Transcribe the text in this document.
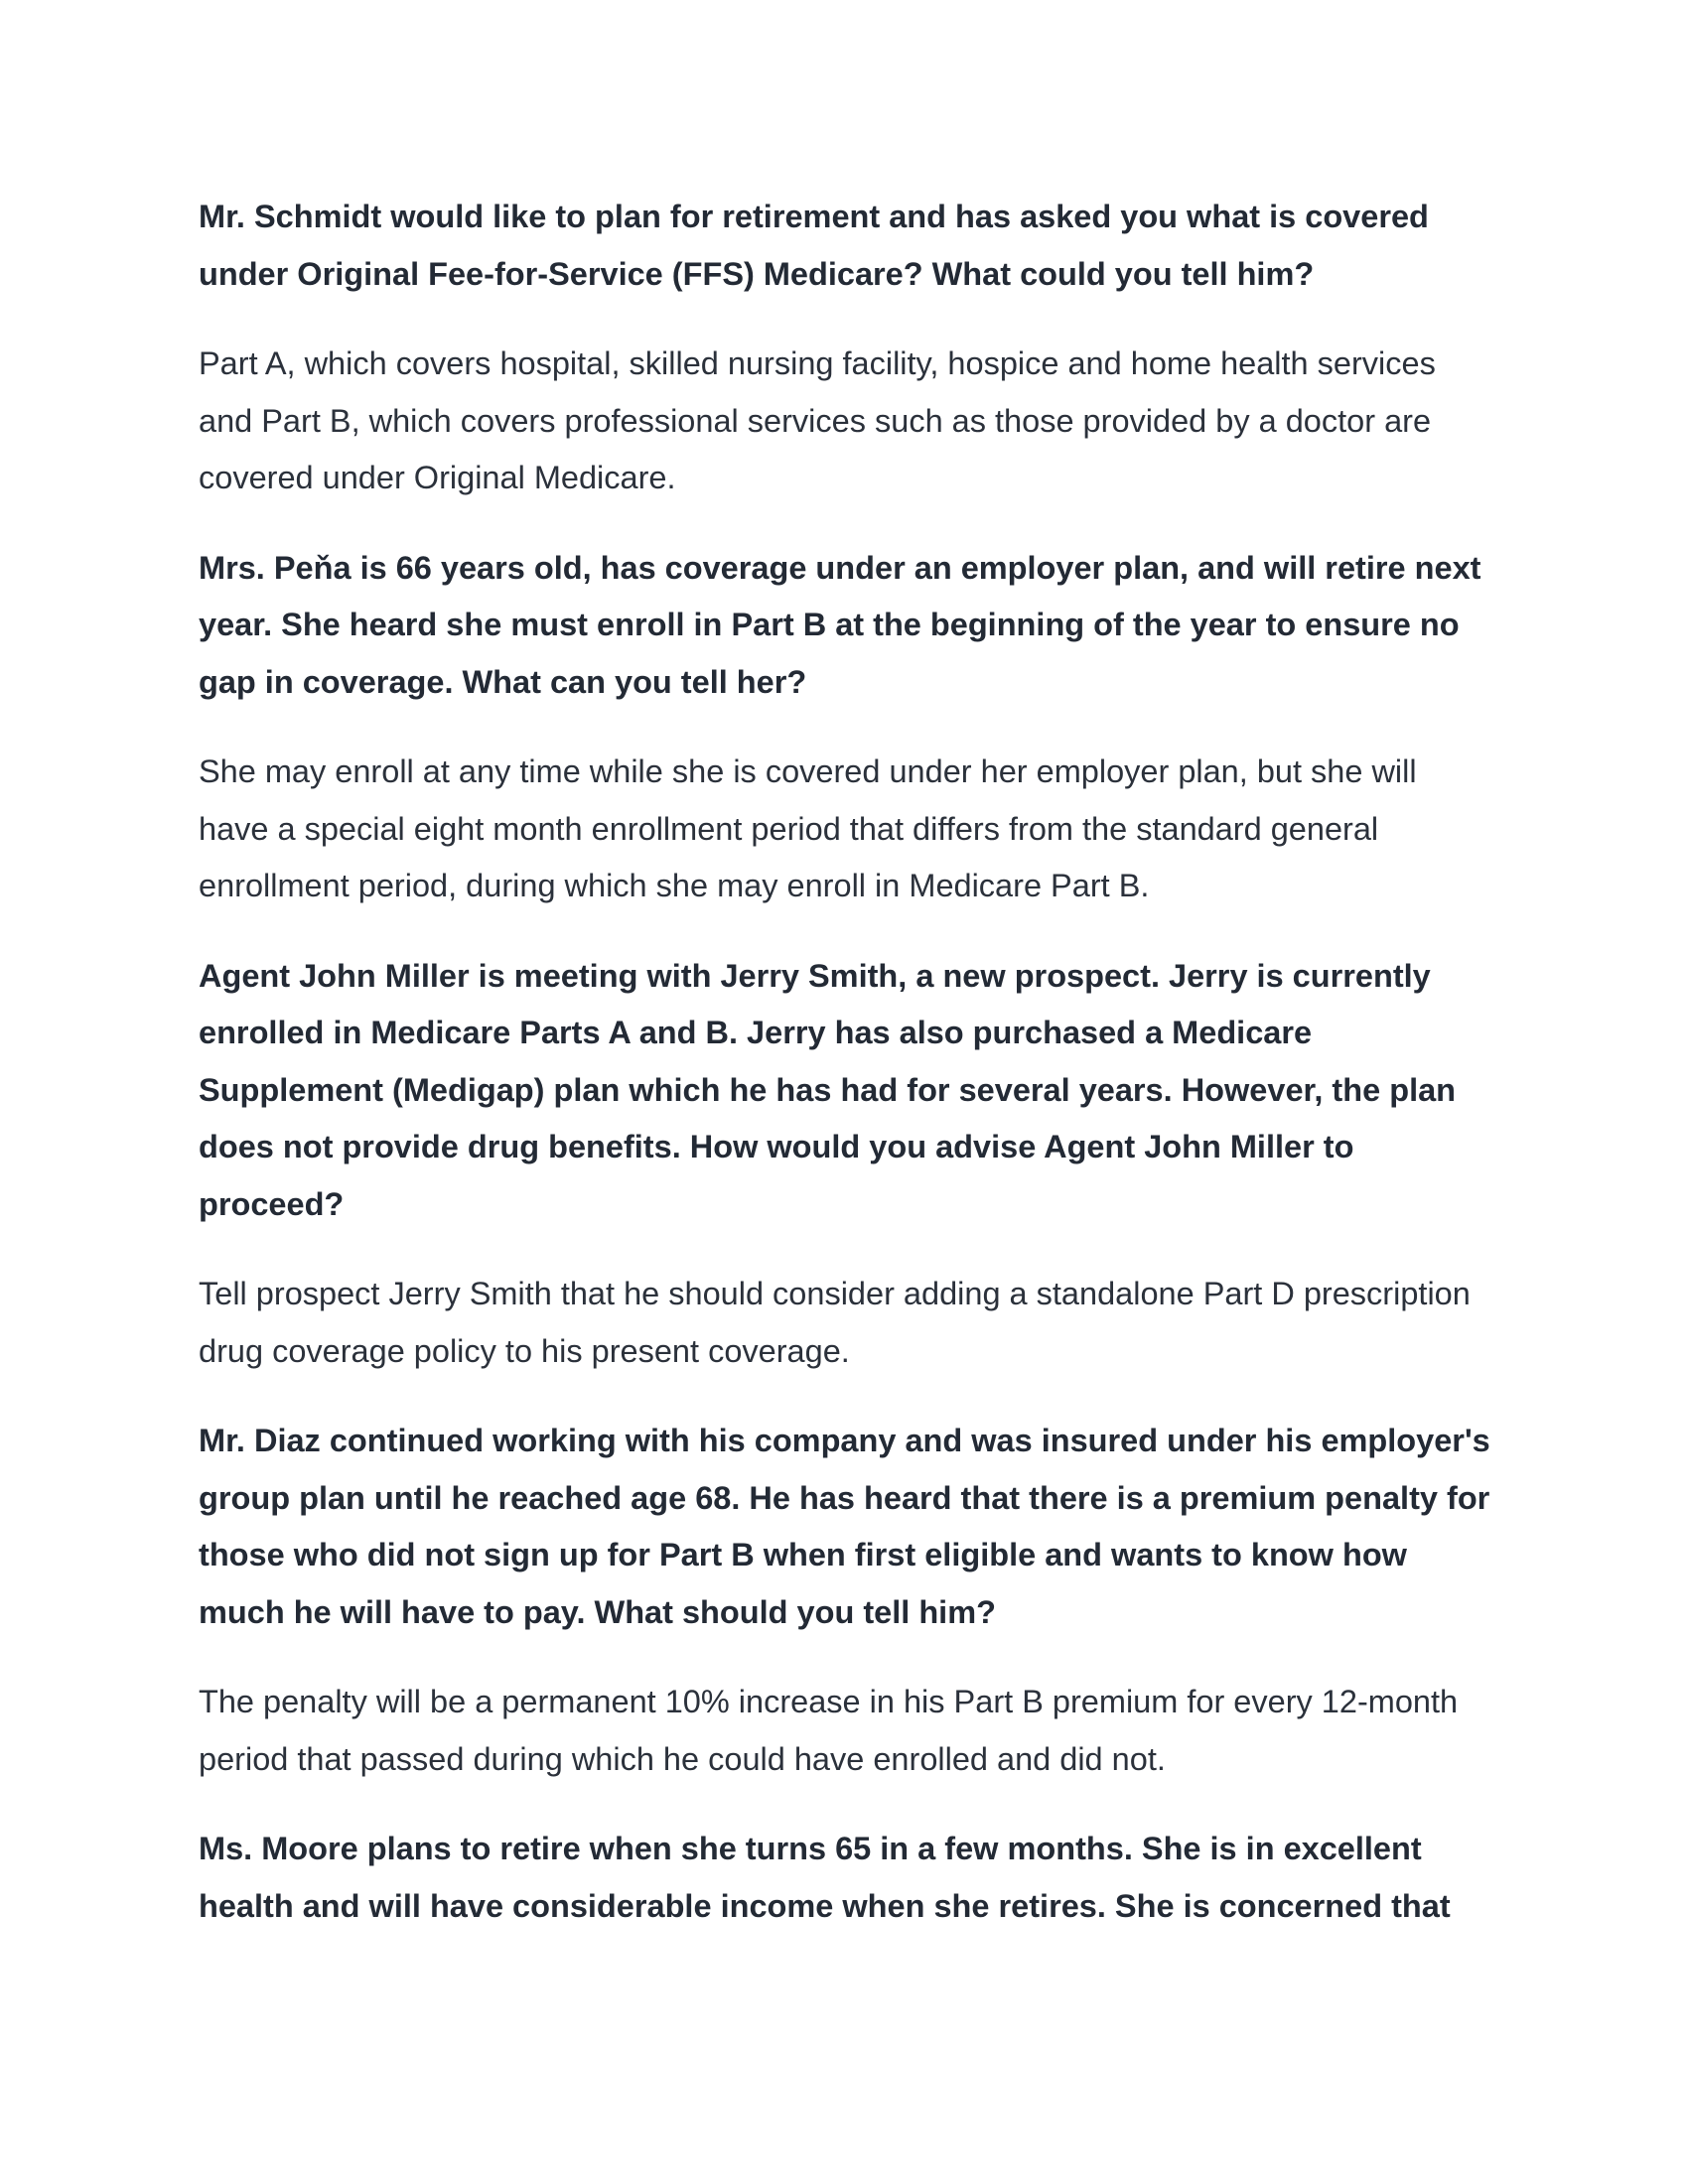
Mr. Schmidt would like to plan for retirement and has asked you what is covered under Original Fee-for-Service (FFS) Medicare? What could you tell him?

Part A, which covers hospital, skilled nursing facility, hospice and home health services and Part B, which covers professional services such as those provided by a doctor are covered under Original Medicare.

Mrs. Peňa is 66 years old, has coverage under an employer plan, and will retire next year. She heard she must enroll in Part B at the beginning of the year to ensure no gap in coverage. What can you tell her?

She may enroll at any time while she is covered under her employer plan, but she will have a special eight month enrollment period that differs from the standard general enrollment period, during which she may enroll in Medicare Part B.

Agent John Miller is meeting with Jerry Smith, a new prospect. Jerry is currently enrolled in Medicare Parts A and B. Jerry has also purchased a Medicare Supplement (Medigap) plan which he has had for several years. However, the plan does not provide drug benefits. How would you advise Agent John Miller to proceed?

Tell prospect Jerry Smith that he should consider adding a standalone Part D prescription drug coverage policy to his present coverage.

Mr. Diaz continued working with his company and was insured under his employer's group plan until he reached age 68. He has heard that there is a premium penalty for those who did not sign up for Part B when first eligible and wants to know how much he will have to pay. What should you tell him?

The penalty will be a permanent 10% increase in his Part B premium for every 12-month period that passed during which he could have enrolled and did not.

Ms. Moore plans to retire when she turns 65 in a few months. She is in excellent health and will have considerable income when she retires. She is concerned that
